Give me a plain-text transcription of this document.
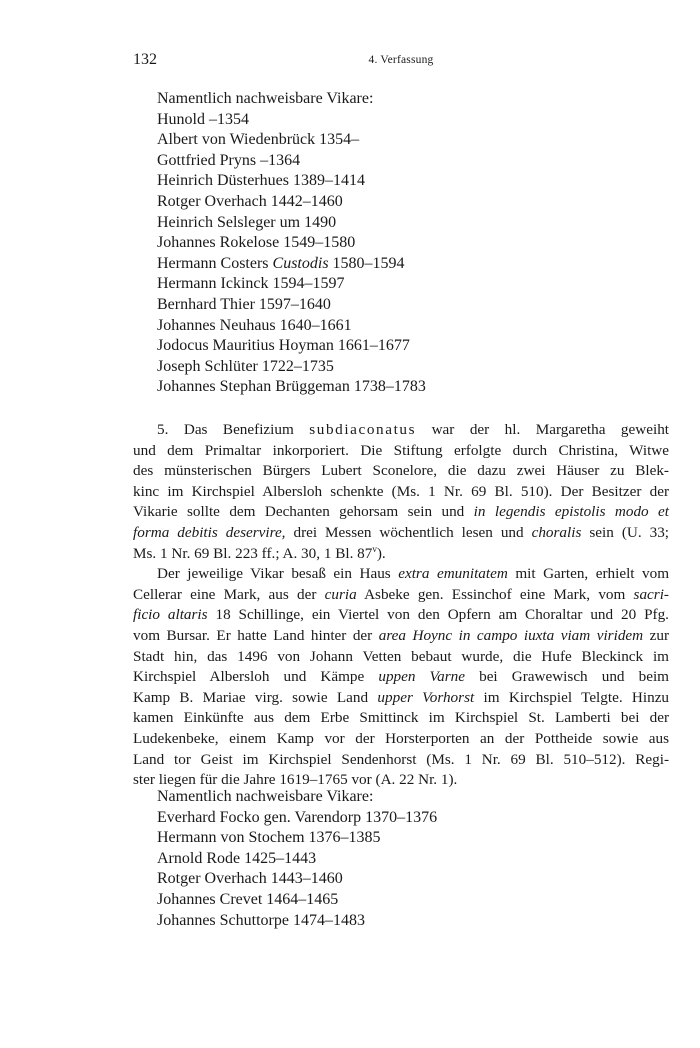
132	4. Verfassung
Namentlich nachweisbare Vikare:
Hunold –1354
Albert von Wiedenbrück 1354–
Gottfried Pryns –1364
Heinrich Düsterhues 1389–1414
Rotger Overhach 1442–1460
Heinrich Selsleger um 1490
Johannes Rokelose 1549–1580
Hermann Costers Custodis 1580–1594
Hermann Ickinck 1594–1597
Bernhard Thier 1597–1640
Johannes Neuhaus 1640–1661
Jodocus Mauritius Hoyman 1661–1677
Joseph Schlüter 1722–1735
Johannes Stephan Brüggeman 1738–1783

5. Das Benefizium subdiaconatus war der hl. Margaretha geweiht
und dem Primaltar inkorporiert. Die Stiftung erfolgte durch Christina, Witwe
des münsterischen Bürgers Lubert Sconelore, die dazu zwei Häuser zu Blek-
kinc im Kirchspiel Albersloh schenkte (Ms. 1 Nr. 69 Bl. 510). Der Besitzer der
Vikarie sollte dem Dechanten gehorsam sein und in legendis epistolis modo et
forma debitis deservire, drei Messen wöchentlich lesen und choralis sein (U. 33;
Ms. 1 Nr. 69 Bl. 223 ff.; A. 30, 1 Bl. 87$^v$).

Der jeweilige Vikar besaß ein Haus extra emunitatem mit Garten, erhielt vom
Cellerar eine Mark, aus der curia Asbeke gen. Essinchof eine Mark, vom sacri-
ficio altaris 18 Schillinge, ein Viertel von den Opfern am Choraltar und 20 Pfg.
vom Bursar. Er hatte Land hinter der area Hoync in campo iuxta viam viridem zur
Stadt hin, das 1496 von Johann Vetten bebaut wurde, die Hufe Bleckinck im
Kirchspiel Albersloh und Kämpe uppen Varne bei Grawewisch und beim
Kamp B. Mariae virg. sowie Land upper Vorhorst im Kirchspiel Telgte. Hinzu
kamen Einkünfte aus dem Erbe Smittinck im Kirchspiel St. Lamberti bei der
Ludekenbeke, einem Kamp vor der Horsterporten an der Pottheide sowie aus
Land tor Geist im Kirchspiel Sendenhorst (Ms. 1 Nr. 69 Bl. 510–512). Regi-
ster liegen für die Jahre 1619–1765 vor (A. 22 Nr. 1).

Namentlich nachweisbare Vikare:
Everhard Focko gen. Varendorp 1370–1376
Hermann von Stochem 1376–1385
Arnold Rode 1425–1443
Rotger Overhach 1443–1460
Johannes Crevet 1464–1465
Johannes Schuttorpe 1474–1483
